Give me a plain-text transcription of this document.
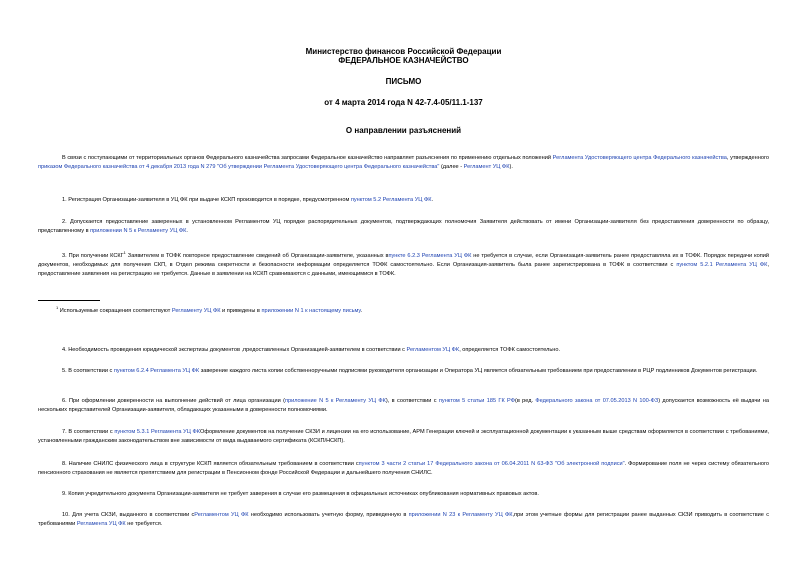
Министерство финансов Российской Федерации
ФЕДЕРАЛЬНОЕ КАЗНАЧЕЙСТВО
ПИСЬМО
от 4 марта 2014 года N 42-7.4-05/11.1-137
О направлении разъяснений
В связи с поступающими от территориальных органов Федерального казначейства запросами Федеральное казначейство направляет разъяснения по применению отдельных положений Регламента Удостоверяющего центра Федерального казначейства, утвержденного приказом Федерального казначейства от 4 декабря 2013 года N 279 "Об утверждении Регламента Удостоверяющего центра Федерального казначейства" (далее - Регламент УЦ ФК).
1. Регистрация Организации-заявителя в УЦ ФК при выдаче КСКП производится в порядке, предусмотренном пунктом 5.2 Регламента УЦ ФК.
2. Допускается предоставление заверенных в установленном Регламентом УЦ порядке распорядительных документов, подтверждающих полномочия Заявителя действовать от имени Организации-заявителя без предоставления доверенности по образцу, представленному в приложении N 5 к Регламенту УЦ ФК.
3. При получении КСКГ$^1$ Заявителем в ТОФК повторное предоставление сведений об Организации-заявителе, указанных впункте 6.2.3 Регламента УЦ ФК не требуется в случае, если Организация-заявитель ранее предоставляла их в ТОФК. Порядок передачи копий документов, необходимых для получения СКП, в Отдел режима секретности и безопасности информации определяется ТОФК самостоятельно. Если Организация-заявитель была ранее зарегистрирована в ТОФК в соответствии с пунктом 5.2.1 Регламента УЦ ФК, предоставление заявления на регистрацию не требуется. Данные в заявлении на КСКП сравниваются с данными, имеющимися в ТОФК.
$^1$ Используемые сокращения соответствуют Регламенту УЦ ФК и приведены в приложении N 1 к настоящему письму.
4. Необходимость проведения юридической экспертизы документов ,предоставленных Организацией-заявителем в соответствии с Регламентом УЦ ФК, определяется ТОФК самостоятельно.
5. В соответствии с пунктом 6.2.4 Регламента УЦ ФК заверение каждого листа копии собственноручными подписями руководителя организации и Оператора УЦ является обязательным требованием при предоставлении в РЦР подлинников Документов регистрации.
6. При оформлении доверенности на выполнение действий от лица организации (приложение N 5 к Регламенту УЦ ФК), в соответствии с пунктом 5 статьи 185 ГК РФ(в ред. Федерального закона от 07.05.2013 N 100-ФЗ) допускается возможность её выдачи на нескольких представителей Организации-заявителя, обладающих указанными в доверенности полномочиями.
7. В соответствии с пунктом 5.3.1 Регламента УЦ ФКОформление документов на получение СКЗИ и лицензии на его использование, АРМ Генерации ключей и эксплуатационной документации к указанным выше средствам оформляется в соответствии с требованиями, установленными гражданским законодательством вне зависимости от вида выдаваемого сертификата (КСКП/НСКП).
8. Наличие СНИЛС физического лица в структуре КСКП является обязательным требованием в соответствии спунктом 3 части 2 статьи 17 Федерального закона от 06.04.2011 N 63-ФЗ "Об электронной подписи". Формирование поля не через систему обязательного пенсионного страхования не является препятствием для регистрации в Пенсионном фонде Российской Федерации и дальнейшего получения СНИЛС.
9. Копия учредительного документа Организации-заявителя не требует заверения в случае его размещения в официальных источниках опубликования нормативных правовых актов.
10. Для учета СКЗИ, выданного в соответствии сРегламентом УЦ ФК необходимо использовать учетную форму, приведенную в приложении N 23 к Регламенту УЦ ФК,при этом учетные формы для регистрации ранее выданных СКЗИ приводить в соответствие с требованиями Регламента УЦ ФК не требуется.
